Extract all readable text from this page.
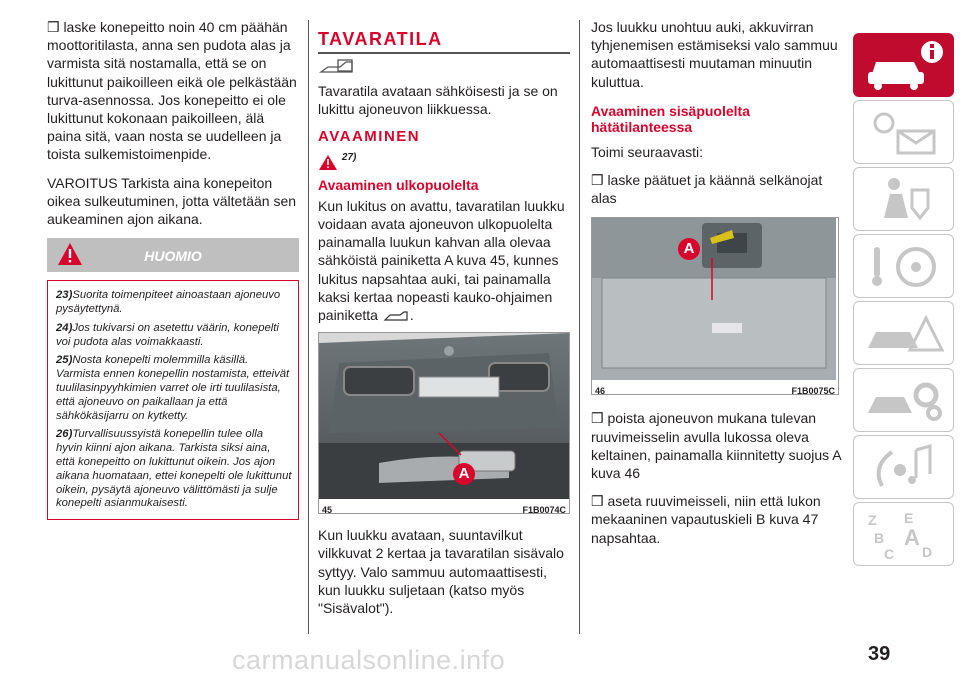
❒ laske konepeitto noin 40 cm päähän moottoritilasta, anna sen pudota alas ja varmista sitä nostamalla, että se on lukittunut paikoilleen eikä ole pelkästään turva-asennossa. Jos konepeitto ei ole lukittunut kokonaan paikoilleen, älä paina sitä, vaan nosta se uudelleen ja toista sulkemistoimenpide.

VAROITUS Tarkista aina konepeiton oikea sulkeutuminen, jotta vältetään sen aukeaminen ajon aikana.

HUOMIO

23)Suorita toimenpiteet ainoastaan ajoneuvo pysäytettynä.

24)Jos tukivarsi on asetettu väärin, konepelti voi pudota alas voimakkaasti.

25)Nosta konepelti molemmilla käsillä. Varmista ennen konepellin nostamista, etteivät tuulilasinpyyhkimien varret ole irti tuulilasista, että ajoneuvo on paikallaan ja että sähkökäsijarru on kytketty.

26)Turvallisuussyistä konepellin tulee olla hyvin kiinni ajon aikana. Tarkista siksi aina, että konepeitto on lukittunut oikein. Jos ajon aikana huomataan, ettei konepelti ole lukittunut oikein, pysäytä ajoneuvo välittömästi ja sulje konepelti asianmukaisesti.

TAVARATILA

Tavaratila avataan sähköisesti ja se on lukittu ajoneuvon liikkuessa.

AVAAMINEN
$^{27)}$
Avaaminen ulkopuolelta

Kun lukitus on avattu, tavaratilan luukku voidaan avata ajoneuvon ulkopuolelta painamalla luukun kahvan alla olevaa sähköistä painiketta A kuva 45, kunnes lukitus napsahtaa auki, tai painamalla kaksi kertaa nopeasti kauko-ohjaimen painiketta .

A
45	F1B0074C

Kun luukku avataan, suuntavilkut vilkkuvat 2 kertaa ja tavaratilan sisävalo syttyy. Valo sammuu automaattisesti, kun luukku suljetaan (katso myös "Sisävalot").

Jos luukku unohtuu auki, akkuvirran tyhjenemisen estämiseksi valo sammuu automaattisesti muutaman minuutin kuluttua.

Avaaminen sisäpuolelta hätätilanteessa

Toimi seuraavasti:

❒ laske päätuet ja käännä selkänojat alas

A
46	F1B0075C

❒ poista ajoneuvon mukana tulevan ruuvimeisselin avulla lukossa oleva keltainen, painamalla kiinnitetty suojus A kuva 46

❒ aseta ruuvimeisseli, niin että lukon mekaaninen vapautuskieli B kuva 47 napsahtaa.

Z E
B A
C D
carmanualsonline.info	39
